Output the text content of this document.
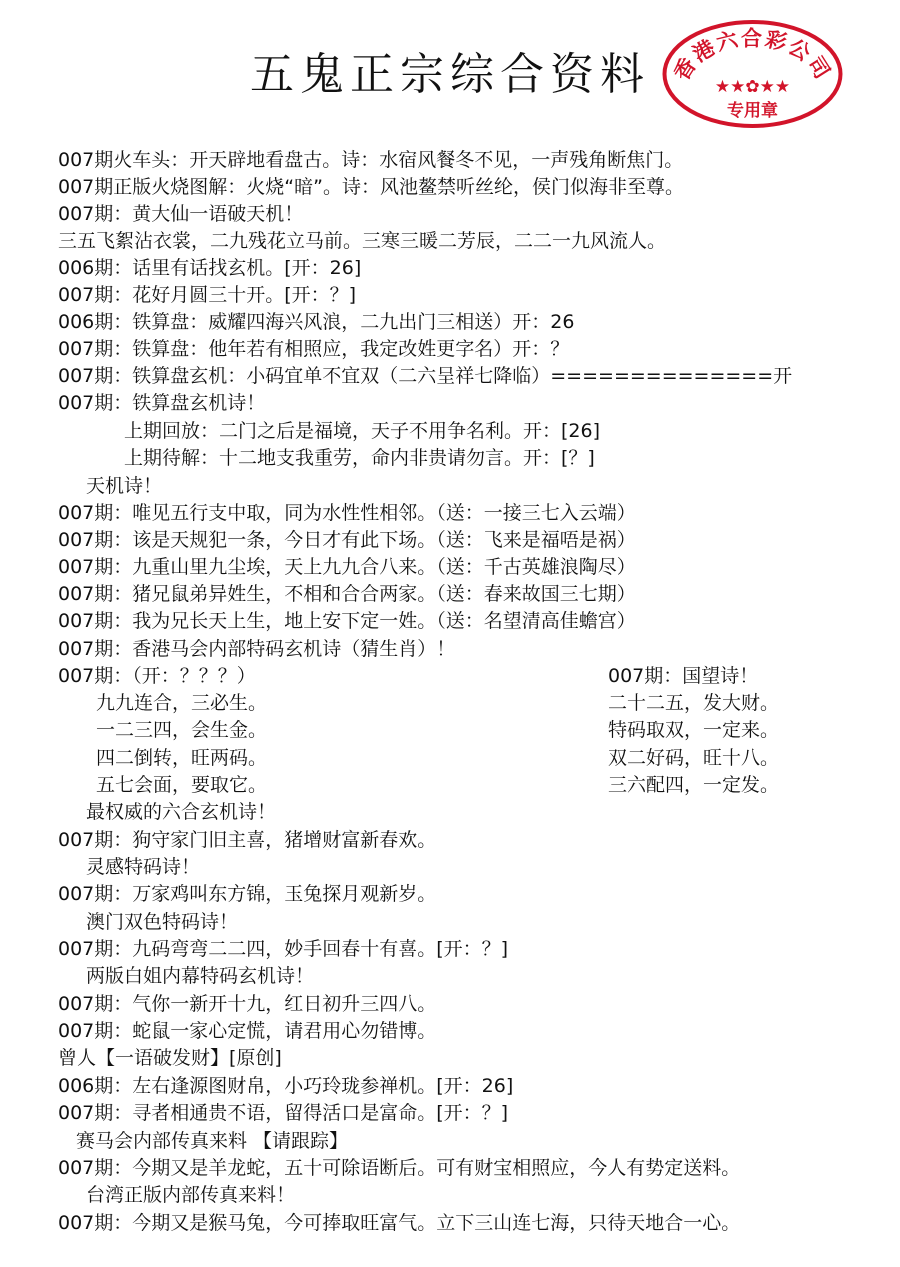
五鬼正宗综合资料 香港六合彩公司
★★✿★★
专用章
007期火车头：开天辟地看盘古。诗：水宿风餐冬不见，一声残角断焦门。
007期正版火烧图解：火烧“暗”。诗：风池鳌禁听丝纶，侯门似海非至尊。
007期：黄大仙一语破天机！
三五飞絮沾衣裳，二九残花立马前。三寒三暖二芳辰，二二一九风流人。
006期：话里有话找玄机。[开：26]
007期：花好月圆三十开。[开：？]
006期：铁算盘：威耀四海兴风浪，二九出门三相送）开：26
007期：铁算盘：他年若有相照应，我定改姓更字名）开：？
007期：铁算盘玄机：小码宜单不宜双（二六呈祥七降临）==============开
007期：铁算盘玄机诗！
上期回放：二门之后是福境，天子不用争名利。开：[26]
上期待解：十二地支我重劳，命内非贵请勿言。开：[？]
天机诗！
007期：唯见五行支中取，同为水性性相邻。（送：一接三七入云端）
007期：该是天规犯一条，今日才有此下场。（送：飞来是福唔是祸）
007期：九重山里九尘埃，天上九九合八来。（送：千古英雄浪陶尽）
007期：猪兄鼠弟异姓生，不相和合合两家。（送：春来故国三七期）
007期：我为兄长天上生，地上安下定一姓。（送：名望清高佳蟾宫）
007期：香港马会内部特码玄机诗（猜生肖）！
007期：（开：？？？）
九九连合，三必生。
一二三四，会生金。
四二倒转，旺两码。
五七会面，要取它。
最权威的六合玄机诗！
007期：狗守家门旧主喜，猪增财富新春欢。
灵感特码诗！
007期：万家鸡叫东方锦，玉兔探月观新岁。
澳门双色特码诗！
007期：九码弯弯二二四，妙手回春十有喜。[开：？]
两版白姐内幕特码玄机诗！
007期：气你一新开十九，红日初升三四八。
007期：蛇鼠一家心定慌，请君用心勿错博。
曾人【一语破发财】[原创]
006期：左右逢源图财帛，小巧玲珑参禅机。[开：26]
007期：寻者相通贵不语，留得活口是富命。[开：？]
赛马会内部传真来料 【请跟踪】
007期：今期又是羊龙蛇，五十可除语断后。可有财宝相照应，今人有势定送料。
台湾正版内部传真来料！
007期：今期又是猴马兔，今可捧取旺富气。立下三山连七海，只待天地合一心。
007期：国望诗！
二十二五，发大财。
特码取双，一定来。
双二好码，旺十八。
三六配四，一定发。
